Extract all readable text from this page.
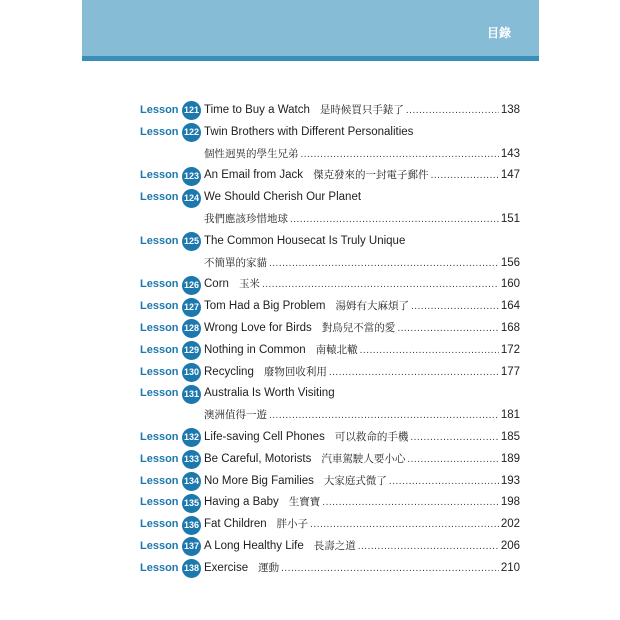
目錄
Lesson 121 Time to Buy a Watch 是時候買只手錶了 .....	138
Lesson 122 Twin Brothers with Different Personalities
個性迥異的學生兄弟 .....	143
Lesson 123 An Email from Jack 傑克發來的一封電子郵件 .....	147
Lesson 124 We Should Cherish Our Planet
我們應該珍惜地球 .....	151
Lesson 125 The Common Housecat Is Truly Unique
不簡單的家貓 .....	156
Lesson 126 Corn 玉米 .....	160
Lesson 127 Tom Had a Big Problem 湯姆有大麻煩了 .....	164
Lesson 128 Wrong Love for Birds 對鳥兒不當的愛 .....	168
Lesson 129 Nothing in Common 南轅北轍 .....	172
Lesson 130 Recycling 廢物回收利用 .....	177
Lesson 131 Australia Is Worth Visiting
澳洲值得一遊 .....	181
Lesson 132 Life-saving Cell Phones 可以救命的手機 .....	185
Lesson 133 Be Careful, Motorists 汽車駕駛人要小心 .....	189
Lesson 134 No More Big Families 大家庭式微了 .....	193
Lesson 135 Having a Baby 生寶寶 .....	198
Lesson 136 Fat Children 胖小子 .....	202
Lesson 137 A Long Healthy Life 長壽之道 .....	206
Lesson 138 Exercise 運動 .....	210
